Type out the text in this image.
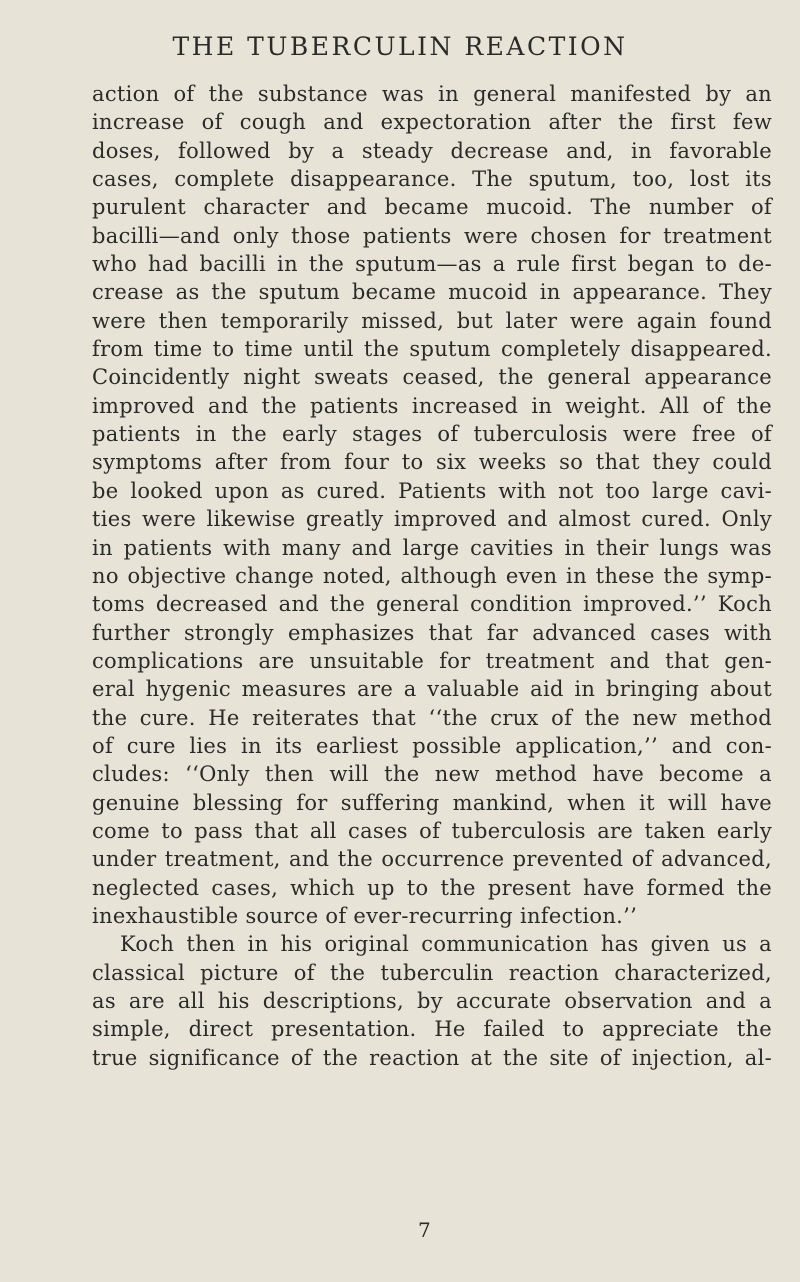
THE TUBERCULIN REACTION
action of the substance was in general manifested by an
increase of cough and expectoration after the first few
doses, followed by a steady decrease and, in favorable
cases, complete disappearance. The sputum, too, lost its
purulent character and became mucoid. The number of
bacilli—and only those patients were chosen for treatment
who had bacilli in the sputum—as a rule first began to de-
crease as the sputum became mucoid in appearance. They
were then temporarily missed, but later were again found
from time to time until the sputum completely disappeared.
Coincidently night sweats ceased, the general appearance
improved and the patients increased in weight. All of the
patients in the early stages of tuberculosis were free of
symptoms after from four to six weeks so that they could
be looked upon as cured. Patients with not too large cavi-
ties were likewise greatly improved and almost cured. Only
in patients with many and large cavities in their lungs was
no objective change noted, although even in these the symp-
toms decreased and the general condition improved.’’ Koch
further strongly emphasizes that far advanced cases with
complications are unsuitable for treatment and that gen-
eral hygenic measures are a valuable aid in bringing about
the cure. He reiterates that ‘‘the crux of the new method
of cure lies in its earliest possible application,’’ and con-
cludes: ‘‘Only then will the new method have become a
genuine blessing for suffering mankind, when it will have
come to pass that all cases of tuberculosis are taken early
under treatment, and the occurrence prevented of advanced,
neglected cases, which up to the present have formed the
inexhaustible source of ever-recurring infection.’’
Koch then in his original communication has given us a
classical picture of the tuberculin reaction characterized,
as are all his descriptions, by accurate observation and a
simple, direct presentation. He failed to appreciate the
true significance of the reaction at the site of injection, al-
7
